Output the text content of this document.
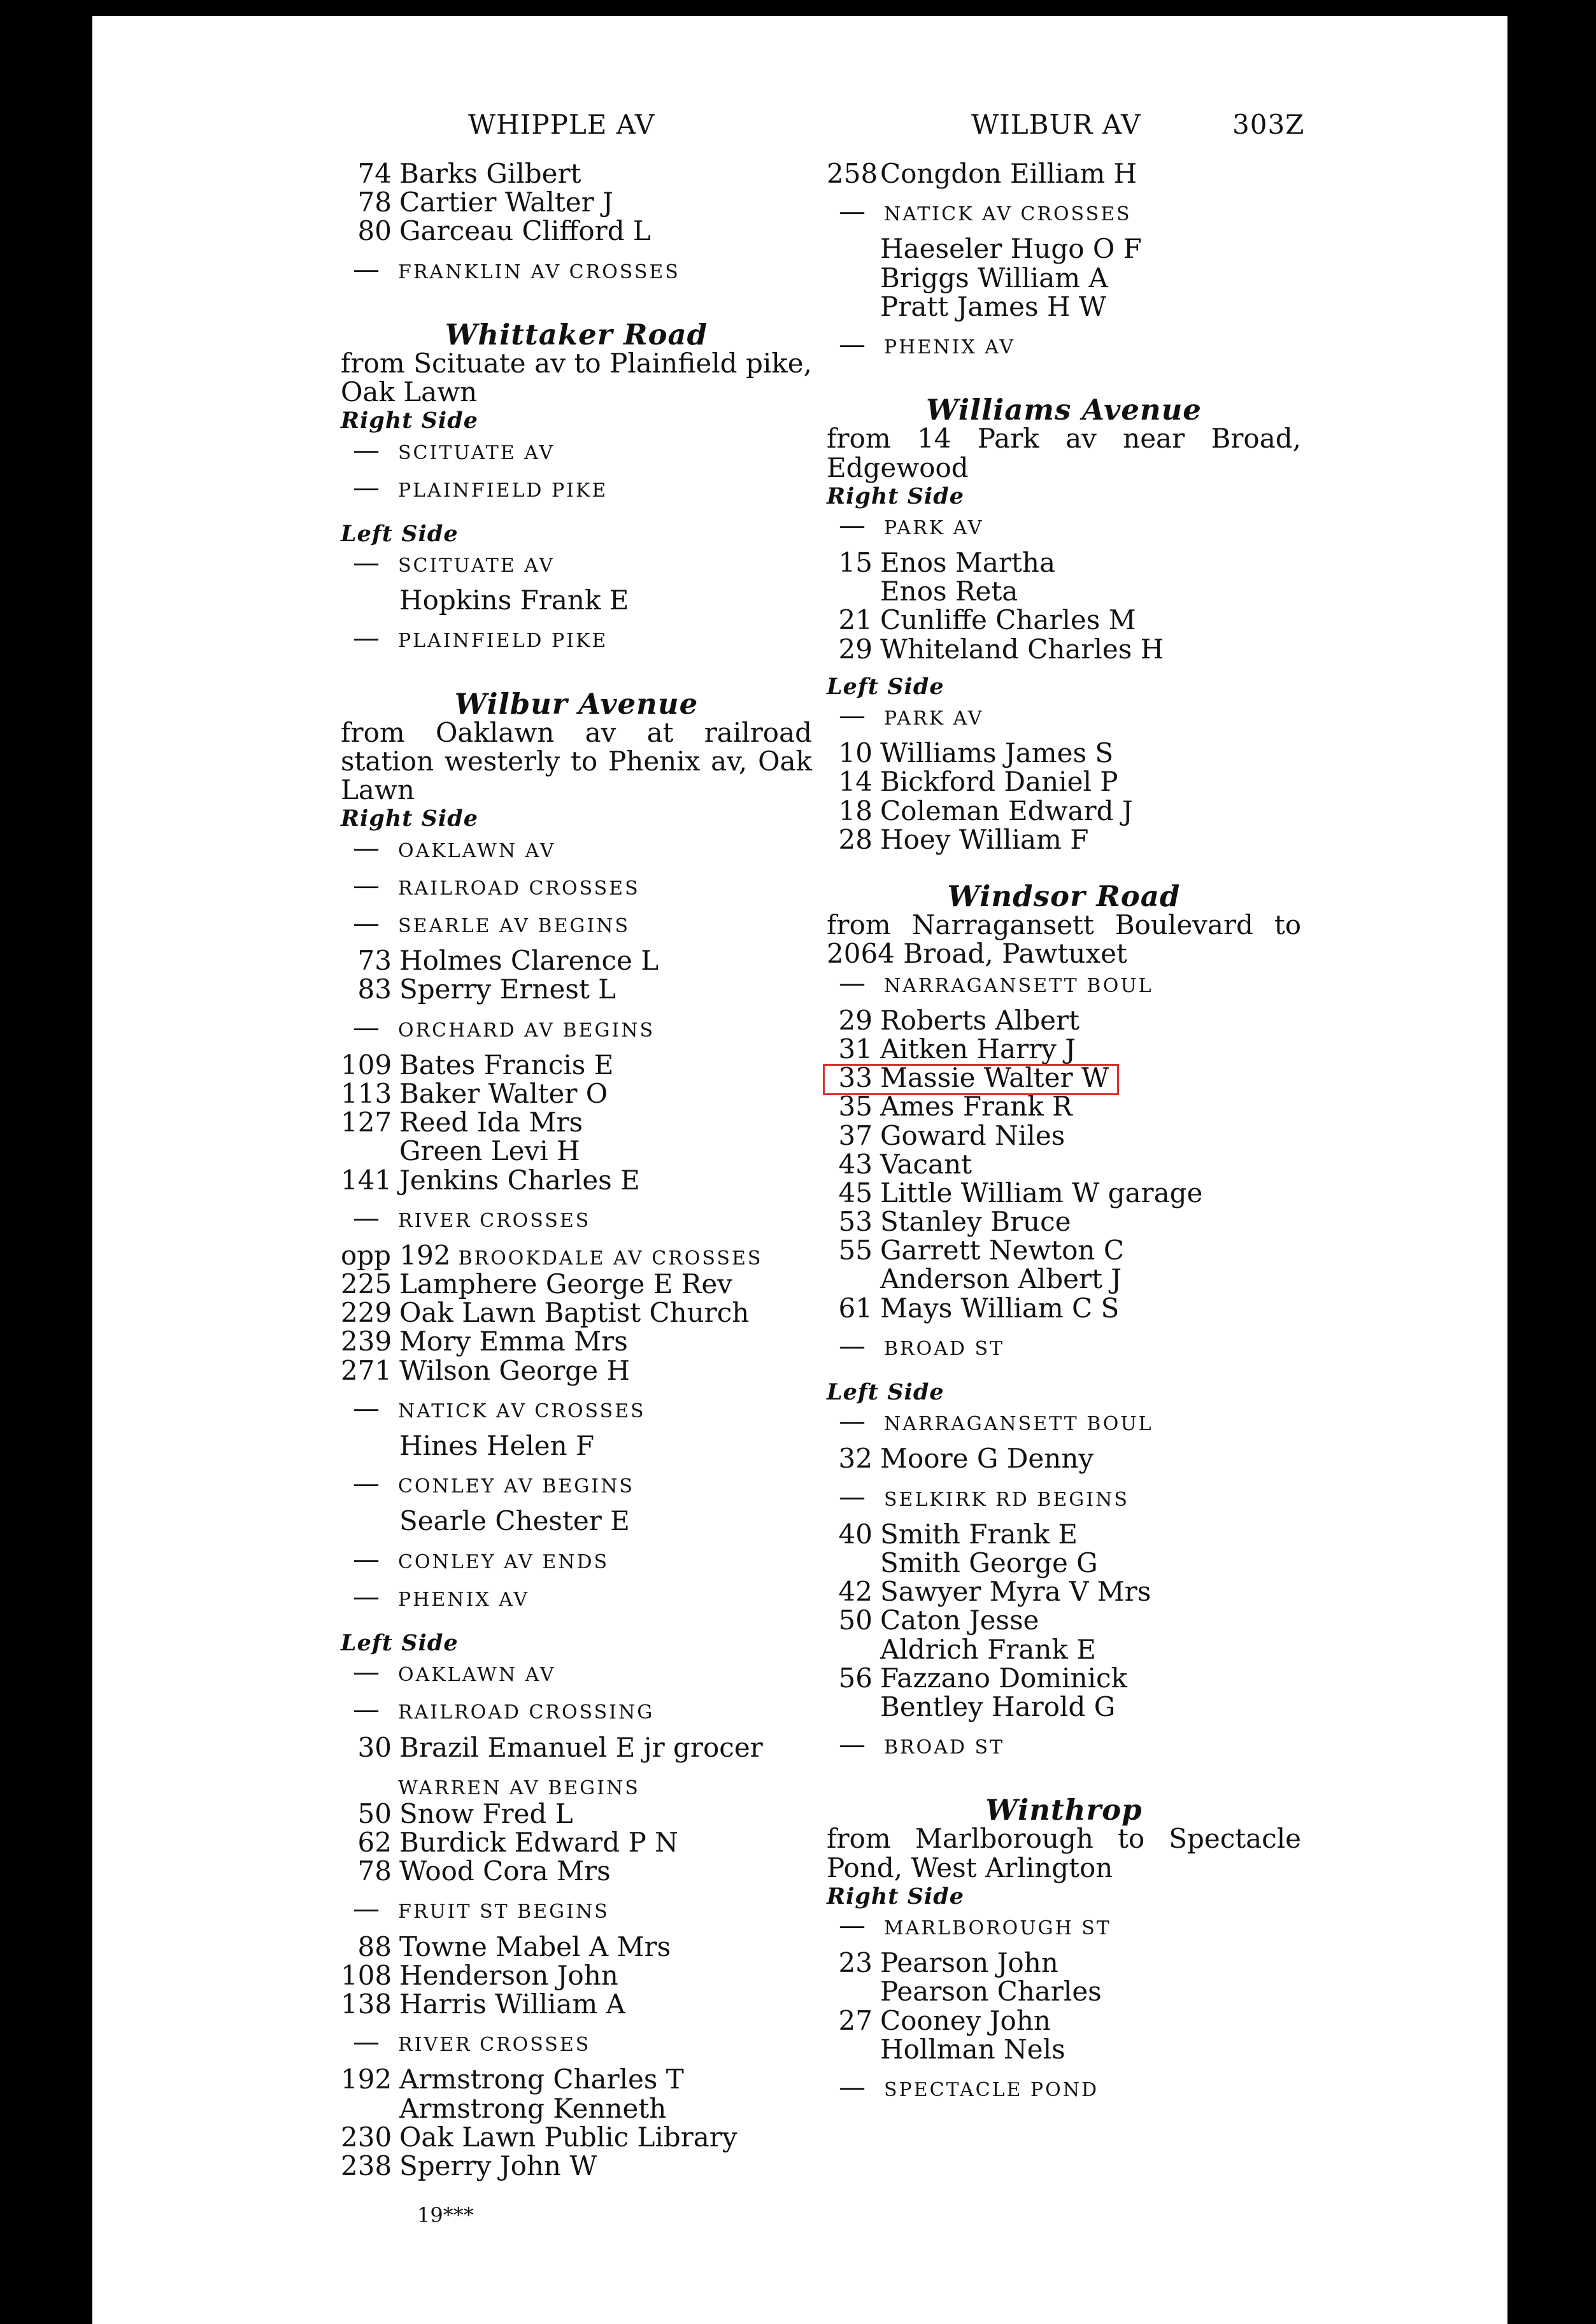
WHIPPLE AV	WILBUR AV	303Z
74 Barks Gilbert
78 Cartier Walter J
80 Garceau Clifford L
— FRANKLIN AV CROSSES
Whittaker Road
from Scituate av to Plainfield pike, Oak Lawn
Right Side
— SCITUATE AV
— PLAINFIELD PIKE
Left Side
— SCITUATE AV
Hopkins Frank E
— PLAINFIELD PIKE
Wilbur Avenue
from Oaklawn av at railroad station westerly to Phenix av, Oak Lawn
Right Side
— OAKLAWN AV
— RAILROAD CROSSES
— SEARLE AV BEGINS
73 Holmes Clarence L
83 Sperry Ernest L
— ORCHARD AV BEGINS
109 Bates Francis E
113 Baker Walter O
127 Reed Ida Mrs
Green Levi H
141 Jenkins Charles E
— RIVER CROSSES
opp 192 BROOKDALE AV CROSSES
225 Lamphere George E Rev
229 Oak Lawn Baptist Church
239 Mory Emma Mrs
271 Wilson George H
— NATICK AV CROSSES
Hines Helen F
— CONLEY AV BEGINS
Searle Chester E
— CONLEY AV ENDS
— PHENIX AV
Left Side
— OAKLAWN AV
— RAILROAD CROSSING
30 Brazil Emanuel E jr grocer
WARREN AV BEGINS
50 Snow Fred L
62 Burdick Edward P N
78 Wood Cora Mrs
— FRUIT ST BEGINS
88 Towne Mabel A Mrs
108 Henderson John
138 Harris William A
— RIVER CROSSES
192 Armstrong Charles T
Armstrong Kenneth
230 Oak Lawn Public Library
238 Sperry John W
258Congdon Eilliam H
— NATICK AV CROSSES
Haeseler Hugo O F
Briggs William A
Pratt James H W
— PHENIX AV
Williams Avenue
from 14 Park av near Broad, Edgewood
Right Side
— PARK AV
15 Enos Martha
Enos Reta
21 Cunliffe Charles M
29 Whiteland Charles H
Left Side
— PARK AV
10 Williams James S
14 Bickford Daniel P
18 Coleman Edward J
28 Hoey William F
Windsor Road
from Narragansett Boulevard to 2064 Broad, Pawtuxet
— NARRAGANSETT BOUL
29 Roberts Albert
31 Aitken Harry J
33 Massie Walter W
35 Ames Frank R
37 Goward Niles
43 Vacant
45 Little William W garage
53 Stanley Bruce
55 Garrett Newton C
Anderson Albert J
61 Mays William C S
— BROAD ST
Left Side
— NARRAGANSETT BOUL
32 Moore G Denny
— SELKIRK RD BEGINS
40 Smith Frank E
Smith George G
42 Sawyer Myra V Mrs
50 Caton Jesse
Aldrich Frank E
56 Fazzano Dominick
Bentley Harold G
— BROAD ST
Winthrop
from Marlborough to Spectacle Pond, West Arlington
Right Side
— MARLBOROUGH ST
23 Pearson John
Pearson Charles
27 Cooney John
Hollman Nels
— SPECTACLE POND
19***
